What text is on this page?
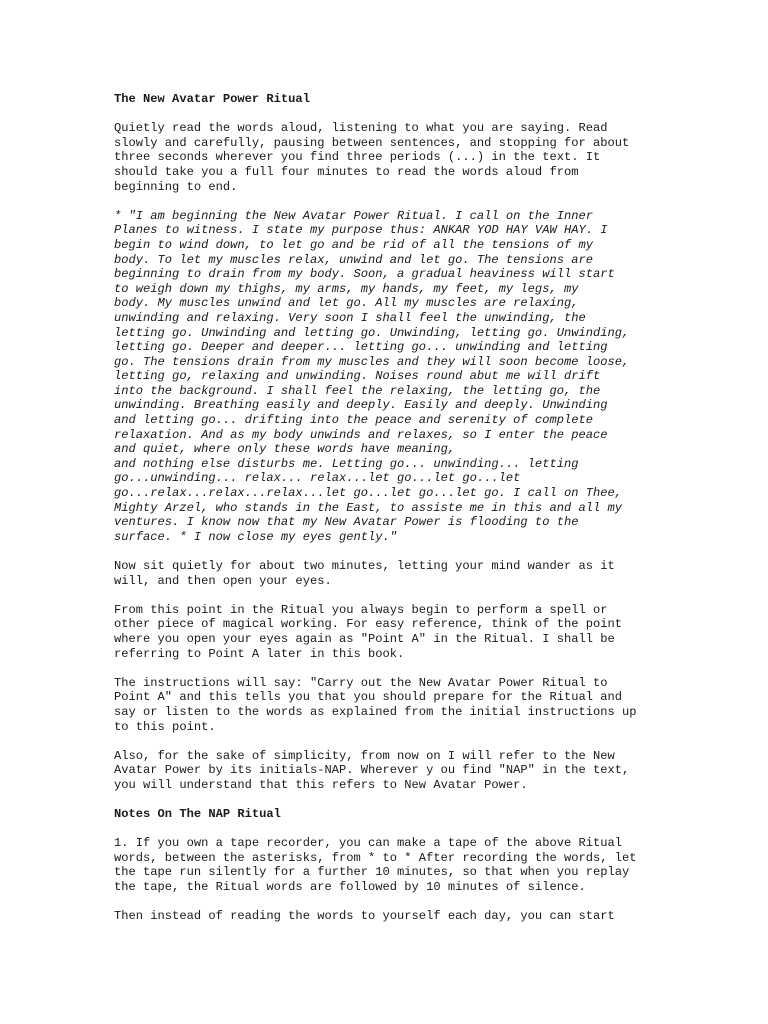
The New Avatar Power Ritual
Quietly read the words aloud, listening to what you are saying. Read
slowly and carefully, pausing between sentences, and stopping for about
three seconds wherever you find three periods (...) in the text. It
should take you a full four minutes to read the words aloud from
beginning to end.
* "I am beginning the New Avatar Power Ritual. I call on the Inner
Planes to witness. I state my purpose thus: ANKAR YOD HAY VAW HAY. I
begin to wind down, to let go and be rid of all the tensions of my
body. To let my muscles relax, unwind and let go. The tensions are
beginning to drain from my body. Soon, a gradual heaviness will start
to weigh down my thighs, my arms, my hands, my feet, my legs, my
body. My muscles unwind and let go. All my muscles are relaxing,
unwinding and relaxing. Very soon I shall feel the unwinding, the
letting go. Unwinding and letting go. Unwinding, letting go. Unwinding,
letting go. Deeper and deeper... letting go... unwinding and letting
go. The tensions drain from my muscles and they will soon become loose,
letting go, relaxing and unwinding. Noises round abut me will drift
into the background. I shall feel the relaxing, the letting go, the
unwinding. Breathing easily and deeply. Easily and deeply. Unwinding
and letting go... drifting into the peace and serenity of complete
relaxation. And as my body unwinds and relaxes, so I enter the peace
and quiet, where only these words have meaning,
and nothing else disturbs me. Letting go... unwinding... letting
go...unwinding... relax... relax...let go...let go...let
go...relax...relax...relax...let go...let go...let go. I call on Thee,
Mighty Arzel, who stands in the East, to assiste me in this and all my
ventures. I know now that my New Avatar Power is flooding to the
surface. * I now close my eyes gently."
Now sit quietly for about two minutes, letting your mind wander as it
will, and then open your eyes.
From this point in the Ritual you always begin to perform a spell or
other piece of magical working. For easy reference, think of the point
where you open your eyes again as "Point A" in the Ritual. I shall be
referring to Point A later in this book.
The instructions will say: "Carry out the New Avatar Power Ritual to
Point A" and this tells you that you should prepare for the Ritual and
say or listen to the words as explained from the initial instructions up
to this point.
Also, for the sake of simplicity, from now on I will refer to the New
Avatar Power by its initials-NAP. Wherever y ou find "NAP" in the text,
you will understand that this refers to New Avatar Power.
Notes On The NAP Ritual
1. If you own a tape recorder, you can make a tape of the above Ritual
words, between the asterisks, from * to * After recording the words, let
the tape run silently for a further 10 minutes, so that when you replay
the tape, the Ritual words are followed by 10 minutes of silence.
Then instead of reading the words to yourself each day, you can start
